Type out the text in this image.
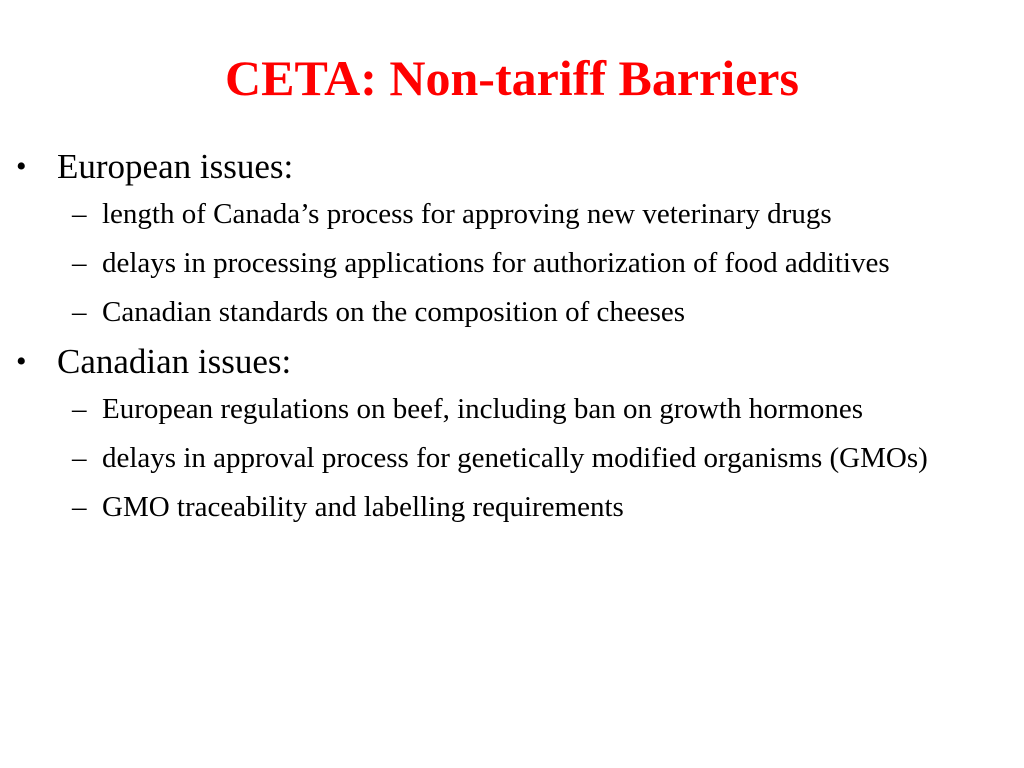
CETA: Non-tariff Barriers
• European issues:
– length of Canada’s process for approving new veterinary drugs
– delays in processing applications for authorization of food additives
– Canadian standards on the composition of cheeses
• Canadian issues:
– European regulations on beef, including ban on growth hormones
– delays in approval process for genetically modified organisms (GMOs)
– GMO traceability and labelling requirements
